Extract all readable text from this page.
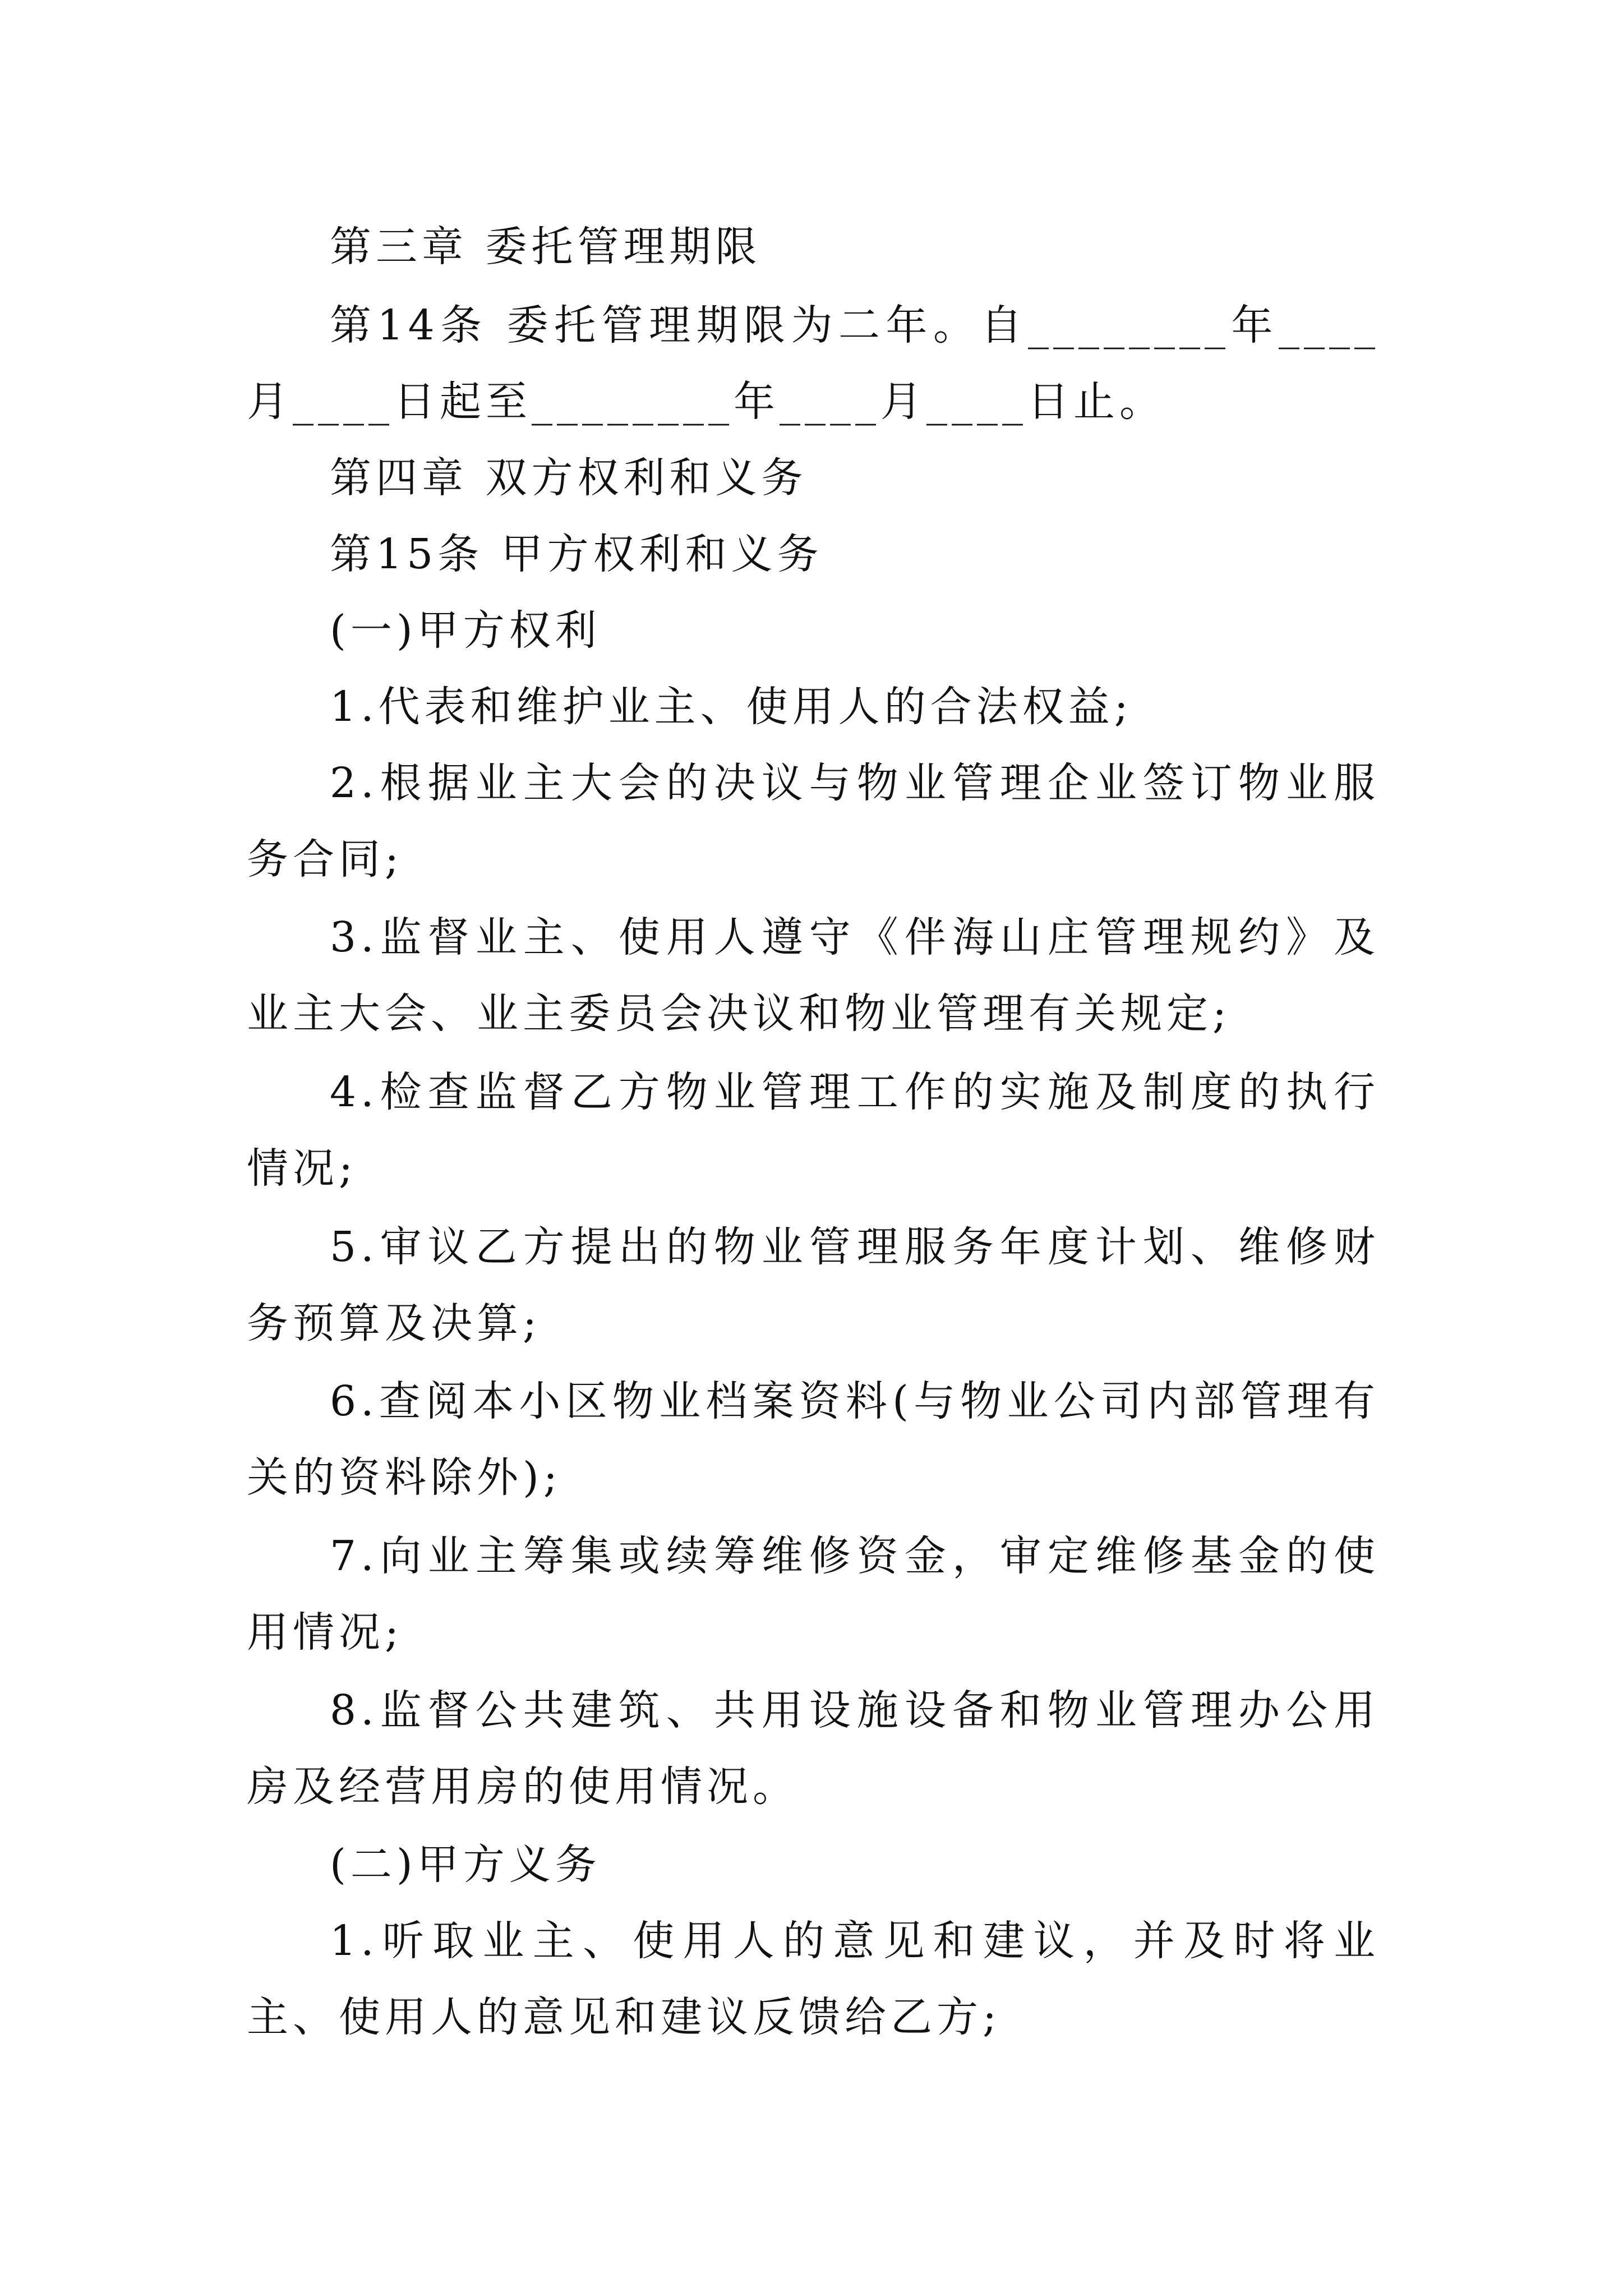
第三章 委托管理期限

第14条 委托管理期限为二年。自________年____月____日起至________年____月____日止。

第四章 双方权利和义务

第15条 甲方权利和义务

(一)甲方权利

1.代表和维护业主、使用人的合法权益;

2.根据业主大会的决议与物业管理企业签订物业服务合同;

3.监督业主、使用人遵守《伴海山庄管理规约》及业主大会、业主委员会决议和物业管理有关规定;

4.检查监督乙方物业管理工作的实施及制度的执行情况;

5.审议乙方提出的物业管理服务年度计划、维修财务预算及决算;

6.查阅本小区物业档案资料(与物业公司内部管理有关的资料除外);

7.向业主筹集或续筹维修资金，审定维修基金的使用情况;

8.监督公共建筑、共用设施设备和物业管理办公用房及经营用房的使用情况。

(二)甲方义务

1.听取业主、使用人的意见和建议，并及时将业主、使用人的意见和建议反馈给乙方;
